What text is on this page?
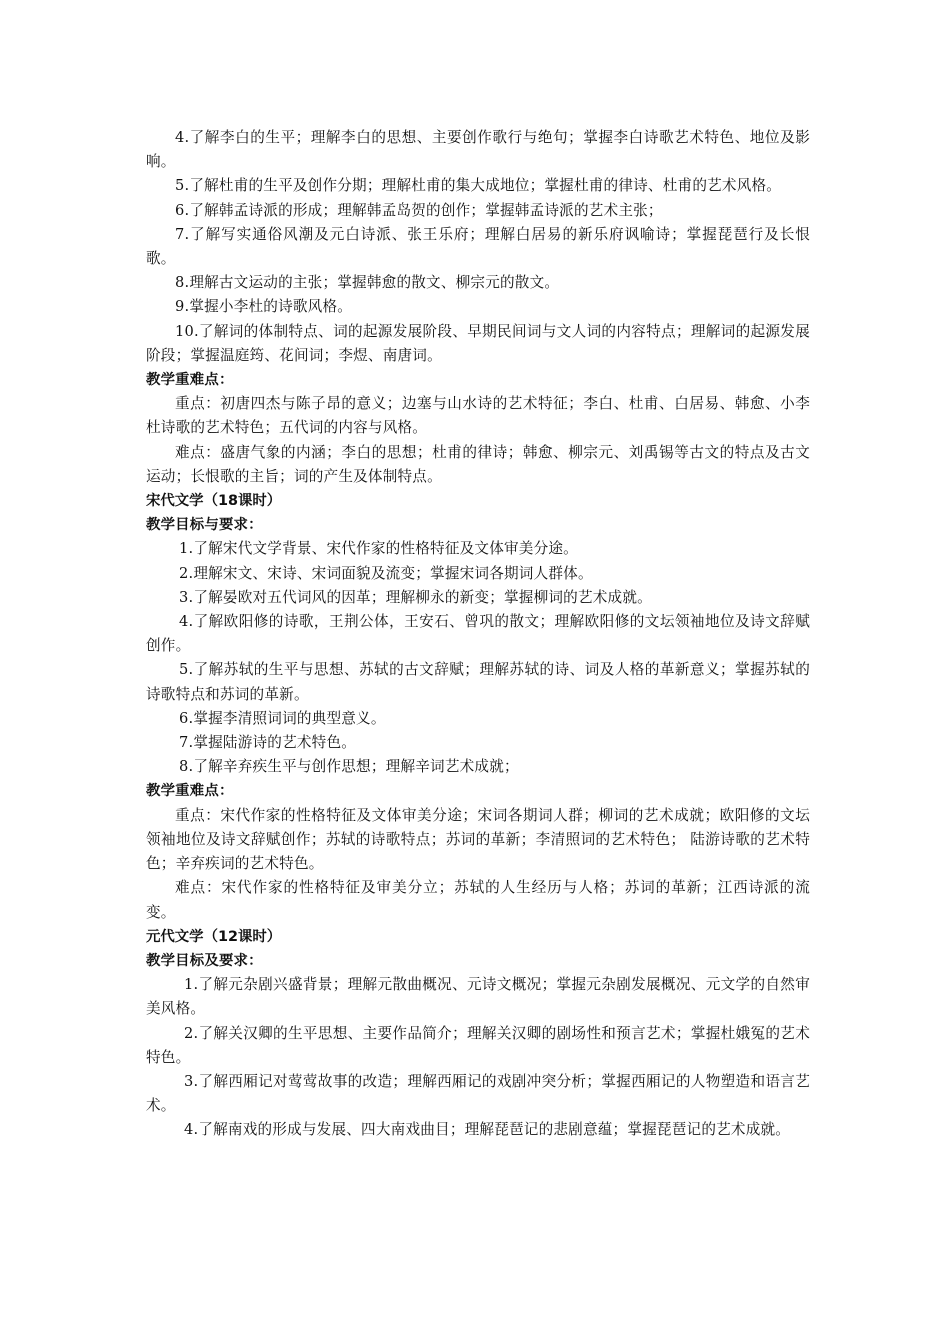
4.了解李白的生平；理解李白的思想、主要创作歌行与绝句；掌握李白诗歌艺术特色、地位及影响。

5.了解杜甫的生平及创作分期；理解杜甫的集大成地位；掌握杜甫的律诗、杜甫的艺术风格。

6.了解韩孟诗派的形成；理解韩孟岛贺的创作；掌握韩孟诗派的艺术主张；

7.了解写实通俗风潮及元白诗派、张王乐府；理解白居易的新乐府讽喻诗；掌握琵琶行及长恨歌。

8.理解古文运动的主张；掌握韩愈的散文、柳宗元的散文。

9.掌握小李杜的诗歌风格。

10.了解词的体制特点、词的起源发展阶段、早期民间词与文人词的内容特点；理解词的起源发展阶段；掌握温庭筠、花间词；李煜、南唐词。

教学重难点：

重点：初唐四杰与陈子昂的意义；边塞与山水诗的艺术特征；李白、杜甫、白居易、韩愈、小李杜诗歌的艺术特色；五代词的内容与风格。

难点：盛唐气象的内涵；李白的思想；杜甫的律诗；韩愈、柳宗元、刘禹锡等古文的特点及古文运动；长恨歌的主旨；词的产生及体制特点。

宋代文学（18课时）

教学目标与要求：

1.了解宋代文学背景、宋代作家的性格特征及文体审美分途。

2.理解宋文、宋诗、宋词面貌及流变；掌握宋词各期词人群体。

3.了解晏欧对五代词风的因革；理解柳永的新变；掌握柳词的艺术成就。

4.了解欧阳修的诗歌，王荆公体，王安石、曾巩的散文；理解欧阳修的文坛领袖地位及诗文辞赋创作。

5.了解苏轼的生平与思想、苏轼的古文辞赋；理解苏轼的诗、词及人格的革新意义；掌握苏轼的诗歌特点和苏词的革新。

6.掌握李清照词词的典型意义。

7.掌握陆游诗的艺术特色。

8.了解辛弃疾生平与创作思想；理解辛词艺术成就；

教学重难点：

重点：宋代作家的性格特征及文体审美分途；宋词各期词人群；柳词的艺术成就；欧阳修的文坛领袖地位及诗文辞赋创作；苏轼的诗歌特点；苏词的革新；李清照词的艺术特色； 陆游诗歌的艺术特色；辛弃疾词的艺术特色。

难点：宋代作家的性格特征及审美分立；苏轼的人生经历与人格；苏词的革新；江西诗派的流变。

元代文学（12课时）

教学目标及要求：

1.了解元杂剧兴盛背景；理解元散曲概况、元诗文概况；掌握元杂剧发展概况、元文学的自然审美风格。

2.了解关汉卿的生平思想、主要作品简介；理解关汉卿的剧场性和预言艺术；掌握杜娥冤的艺术特色。

3.了解西厢记对莺莺故事的改造；理解西厢记的戏剧冲突分析；掌握西厢记的人物塑造和语言艺术。

4.了解南戏的形成与发展、四大南戏曲目；理解琵琶记的悲剧意蕴；掌握琵琶记的艺术成就。
